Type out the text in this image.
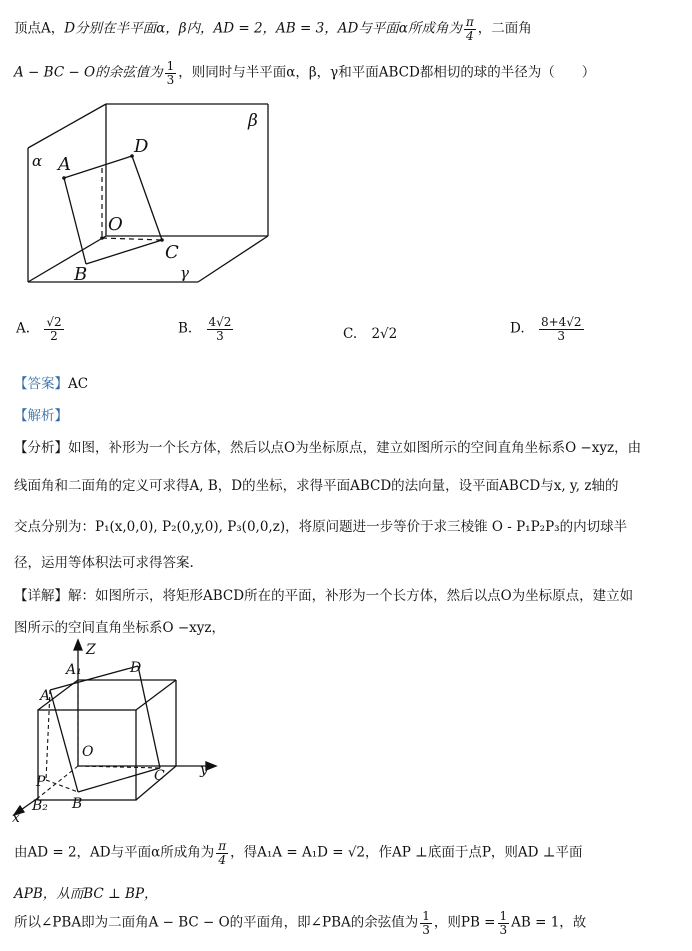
顶点A，D分别在半平面α，β内，AD = 2，AB = 3，AD与平面α所成角为 $\frac{\pi}{4}$ ，二面角
A − BC − O的余弦值为 $\frac{1}{3}$ ，则同时与半平面α，β，γ和平面ABCD都相切的球的半径为（　　）
α
β
γ
A
D
O
C
B
A. $\frac{√2}{2}$	B. $\frac{4√2}{3}$	C. 2√2	D. $\frac{8+4√2}{3}$
【答案】AC
【解析】
【分析】如图，补形为一个长方体，然后以点O为坐标原点，建立如图所示的空间直角坐标系O −xyz，由
线面角和二面角的定义可求得A, B，D的坐标，求得平面ABCD的法向量，设平面ABCD与x, y, z轴的
交点分别为：P₁(x,0,0), P₂(0,y,0), P₃(0,0,z)，将原问题进一步等价于求三棱锥 O - P₁P₂P₃的内切球半
径，运用等体积法可求得答案.
【详解】解：如图所示，将矩形ABCD所在的平面，补形为一个长方体，然后以点O为坐标原点，建立如
图所示的空间直角坐标系O −xyz，
Z
A₁	D
A
O
y
P	C
B₂ B
x
由AD = 2，AD与平面α所成角为 $\frac{\pi}{4}$ ，得A₁A = A₁D = √2，作AP ⊥底面于点P，则AD ⊥平面
APB，从而BC ⊥ BP，
所以∠PBA即为二面角A − BC − O的平面角，即∠PBA的余弦值为 $\frac{1}{3}$ ，则PB = $\frac{1}{3}$ AB = 1，故
